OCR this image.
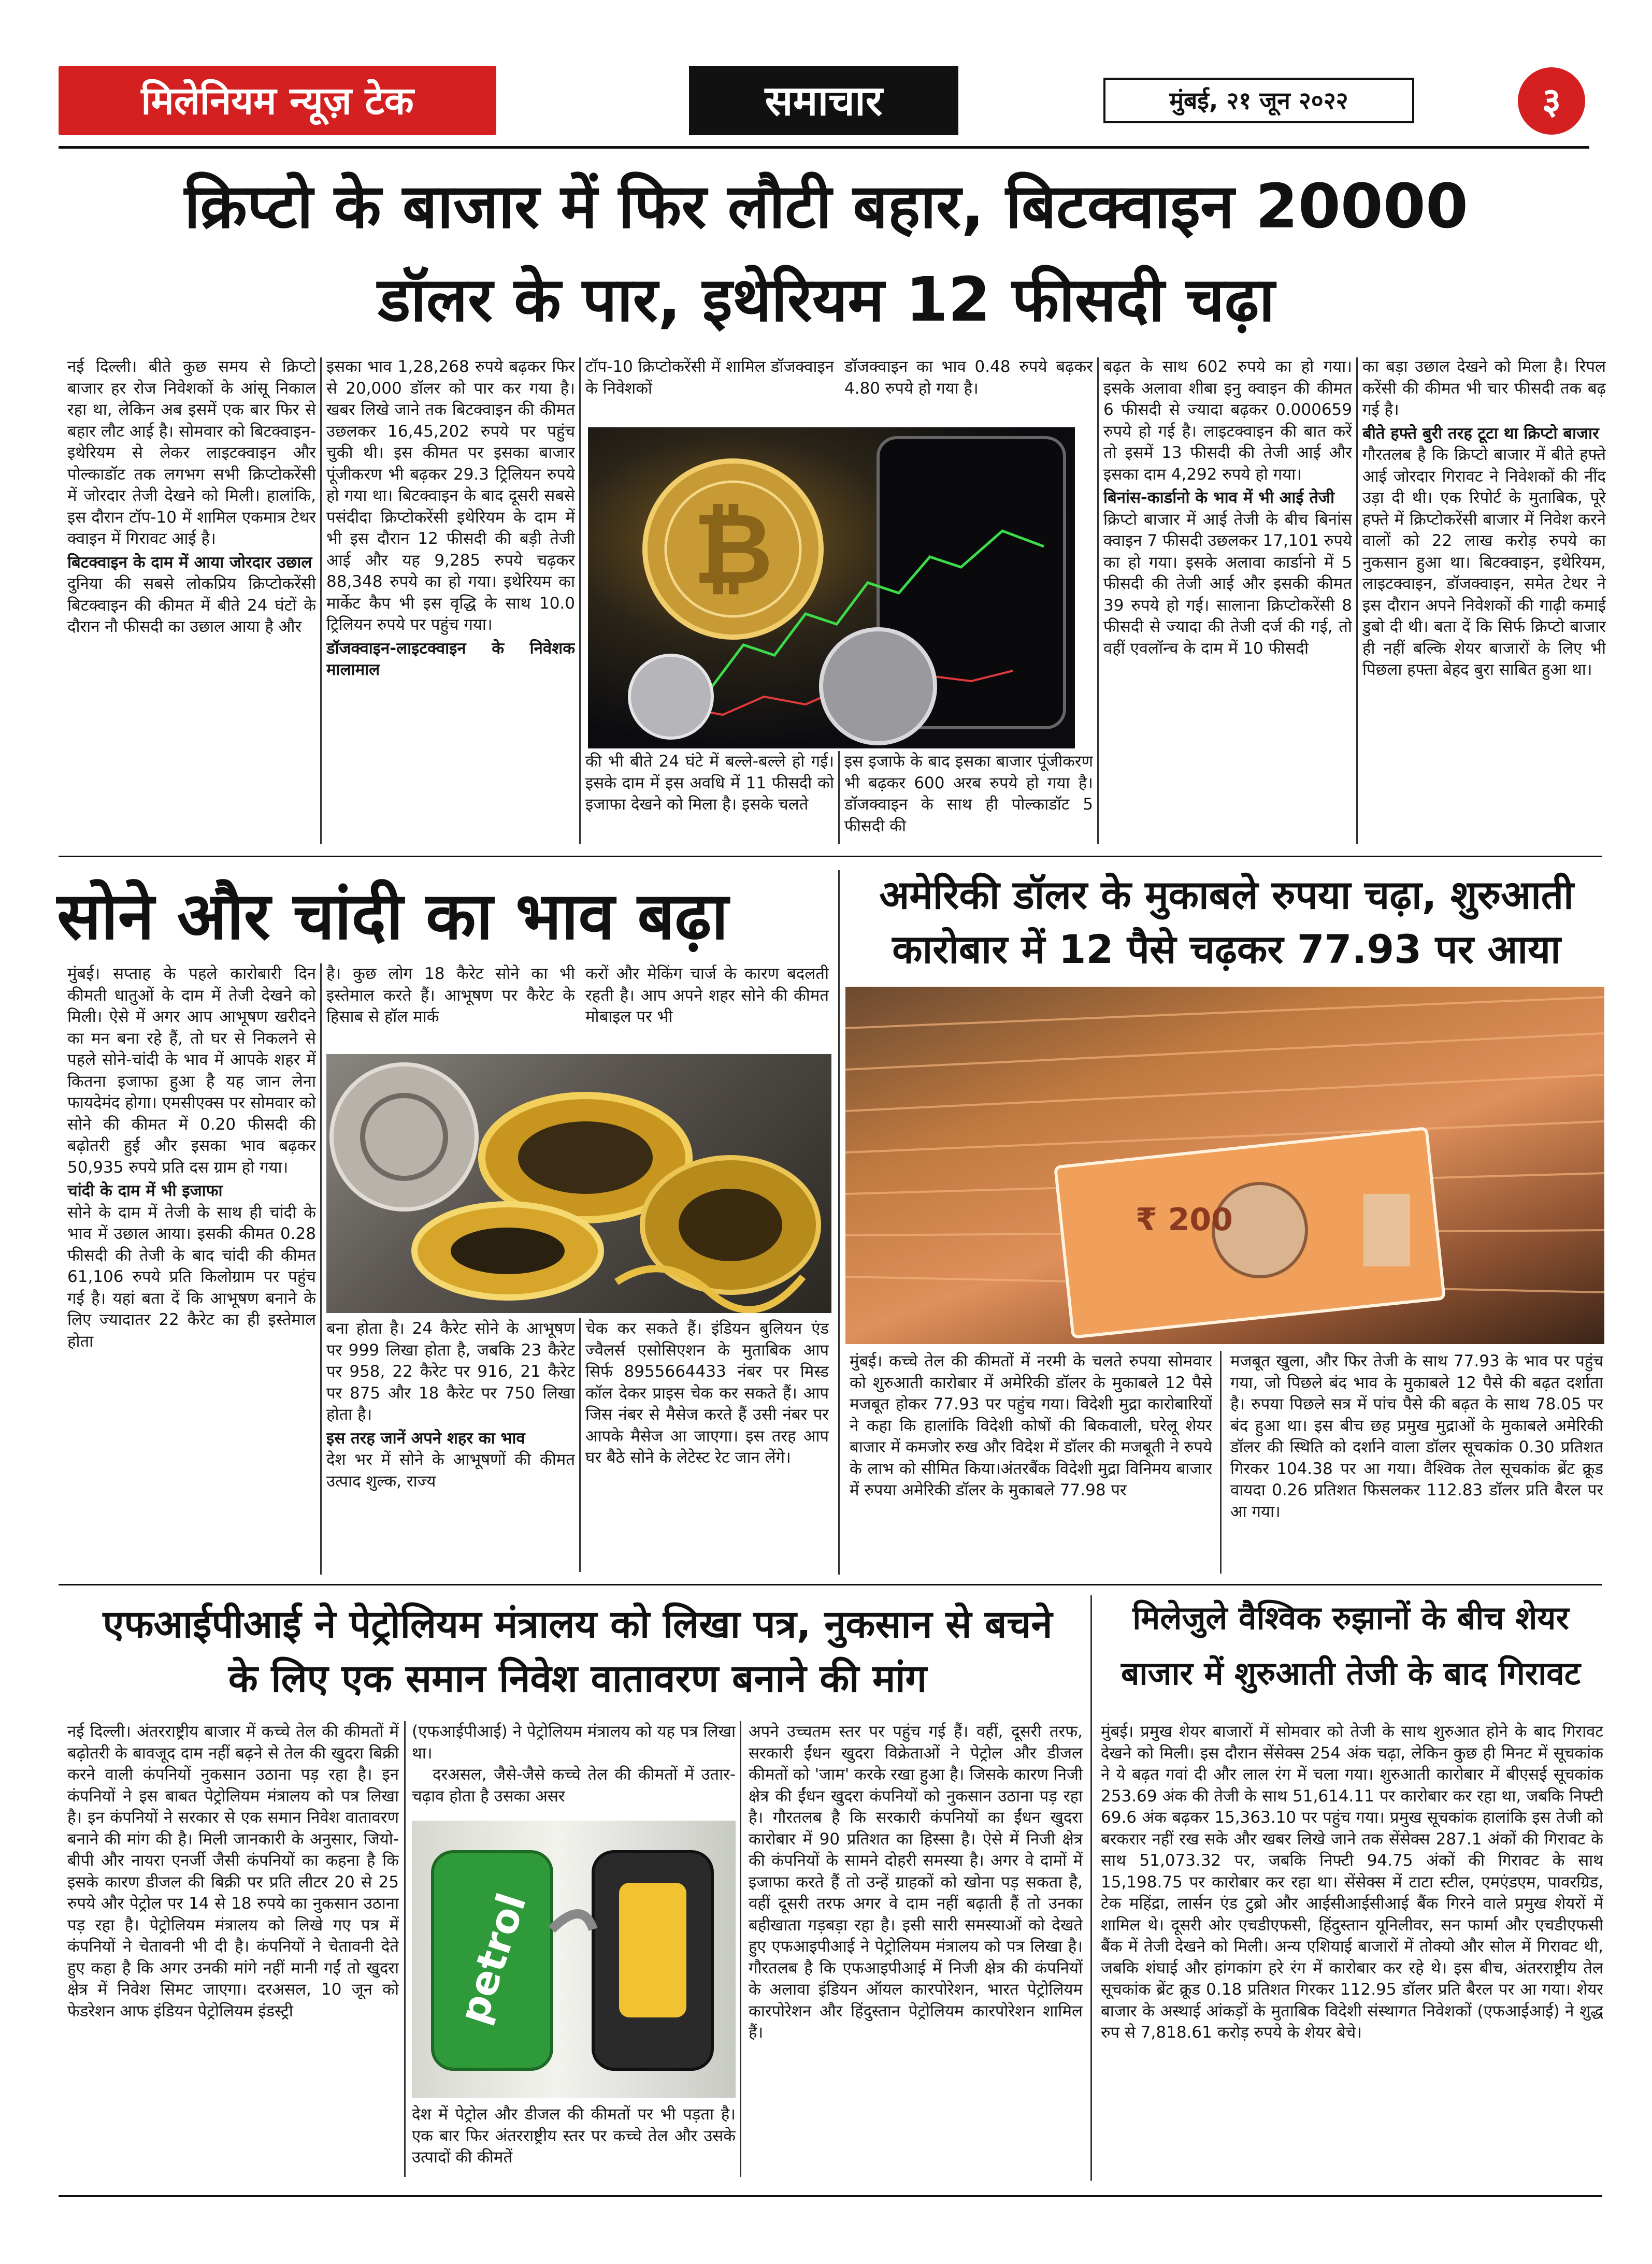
मिलेनियम न्यूज़ टेक	समाचार	मुंबई, २१ जून २०२२	३
क्रिप्टो के बाजार में फिर लौटी बहार, बिटक्वाइन 20000
डॉलर के पार, इथेरियम 12 फीसदी चढ़ा

नई दिल्ली। बीते कुछ समय से क्रिप्टो बाजार हर रोज निवेशकों के आंसू निकाल रहा था, लेकिन अब इसमें एक बार फिर से बहार लौट आई है। सोमवार को बिटक्वाइन-इथेरियम से लेकर लाइटक्वाइन और पोल्काडॉट तक लगभग सभी क्रिप्टोकरेंसी में जोरदार तेजी देखने को मिली। हालांकि, इस दौरान टॉप-10 में शामिल एकमात्र टेथर क्वाइन में गिरावट आई है।

बिटक्वाइन के दाम में आया जोरदार उछाल

दुनिया की सबसे लोकप्रिय क्रिप्टोकरेंसी बिटक्वाइन की कीमत में बीते 24 घंटों के दौरान नौ फीसदी का उछाल आया है और

इसका भाव 1,28,268 रुपये बढ़कर फिर से 20,000 डॉलर को पार कर गया है। खबर लिखे जाने तक बिटक्वाइन की कीमत उछलकर 16,45,202 रुपये पर पहुंच चुकी थी। इस कीमत पर इसका बाजार पूंजीकरण भी बढ़कर 29.3 ट्रिलियन रुपये हो गया था। बिटक्वाइन के बाद दूसरी सबसे पसंदीदा क्रिप्टोकरेंसी इथेरियम के दाम में भी इस दौरान 12 फीसदी की बड़ी तेजी आई और यह 9,285 रुपये चढ़कर 88,348 रुपये का हो गया। इथेरियम का मार्केट कैप भी इस वृद्धि के साथ 10.0 ट्रिलियन रुपये पर पहुंच गया।

डॉजक्वाइन-लाइटक्वाइन के निवेशक मालामाल

टॉप-10 क्रिप्टोकरेंसी में शामिल डॉजक्वाइन के निवेशकों
डॉजक्वाइन का भाव 0.48 रुपये बढ़कर 4.80 रुपये हो गया है।
₿
की भी बीते 24 घंटे में बल्ले-बल्ले हो गई। इसके दाम में इस अवधि में 11 फीसदी को इजाफा देखने को मिला है। इसके चलते
इस इजाफे के बाद इसका बाजार पूंजीकरण भी बढ़कर 600 अरब रुपये हो गया है। डॉजक्वाइन के साथ ही पोल्काडॉट 5 फीसदी की

बढ़त के साथ 602 रुपये का हो गया। इसके अलावा शीबा इनु क्वाइन की कीमत 6 फीसदी से ज्यादा बढ़कर 0.000659 रुपये हो गई है। लाइटक्वाइन की बात करें तो इसमें 13 फीसदी की तेजी आई और इसका दाम 4,292 रुपये हो गया।

बिनांस-कार्डानो के भाव में भी आई तेजी

क्रिप्टो बाजार में आई तेजी के बीच बिनांस क्वाइन 7 फीसदी उछलकर 17,101 रुपये का हो गया। इसके अलावा कार्डानो में 5 फीसदी की तेजी आई और इसकी कीमत 39 रुपये हो गई। सालाना क्रिप्टोकरेंसी 8 फीसदी से ज्यादा की तेजी दर्ज की गई, तो वहीं एवलॉन्च के दाम में 10 फीसदी

का बड़ा उछाल देखने को मिला है। रिपल करेंसी की कीमत भी चार फीसदी तक बढ़ गई है।

बीते हफ्ते बुरी तरह टूटा था क्रिप्टो बाजार

गौरतलब है कि क्रिप्टो बाजार में बीते हफ्ते आई जोरदार गिरावट ने निवेशकों की नींद उड़ा दी थी। एक रिपोर्ट के मुताबिक, पूरे हफ्ते में क्रिप्टोकरेंसी बाजार में निवेश करने वालों को 22 लाख करोड़ रुपये का नुकसान हुआ था। बिटक्वाइन, इथेरियम, लाइटक्वाइन, डॉजक्वाइन, समेत टेथर ने इस दौरान अपने निवेशकों की गाढ़ी कमाई डुबो दी थी। बता दें कि सिर्फ क्रिप्टो बाजार ही नहीं बल्कि शेयर बाजारों के लिए भी पिछला हफ्ता बेहद बुरा साबित हुआ था।

सोने और चांदी का भाव बढ़ा

मुंबई। सप्ताह के पहले कारोबारी दिन कीमती धातुओं के दाम में तेजी देखने को मिली। ऐसे में अगर आप आभूषण खरीदने का मन बना रहे हैं, तो घर से निकलने से पहले सोने-चांदी के भाव में आपके शहर में कितना इजाफा हुआ है यह जान लेना फायदेमंद होगा। एमसीएक्स पर सोमवार को सोने की कीमत में 0.20 फीसदी की बढ़ोतरी हुई और इसका भाव बढ़कर 50,935 रुपये प्रति दस ग्राम हो गया।

चांदी के दाम में भी इजाफा

सोने के दाम में तेजी के साथ ही चांदी के भाव में उछाल आया। इसकी कीमत 0.28 फीसदी की तेजी के बाद चांदी की कीमत 61,106 रुपये प्रति किलोग्राम पर पहुंच गई है। यहां बता दें कि आभूषण बनाने के लिए ज्यादातर 22 कैरेट का ही इस्तेमाल होता

है। कुछ लोग 18 कैरेट सोने का भी इस्तेमाल करते हैं। आभूषण पर कैरेट के हिसाब से हॉल मार्क
करों और मेकिंग चार्ज के कारण बदलती रहती है। आप अपने शहर सोने की कीमत मोबाइल पर भी

बना होता है। 24 कैरेट सोने के आभूषण पर 999 लिखा होता है, जबकि 23 कैरेट पर 958, 22 कैरेट पर 916, 21 कैरेट पर 875 और 18 कैरेट पर 750 लिखा होता है।

इस तरह जानें अपने शहर का भाव

देश भर में सोने के आभूषणों की कीमत उत्पाद शुल्क, राज्य

चेक कर सकते हैं। इंडियन बुलियन एंड ज्वैलर्स एसोसिएशन के मुताबिक आप सिर्फ 8955664433 नंबर पर मिस्ड कॉल देकर प्राइस चेक कर सकते हैं। आप जिस नंबर से मैसेज करते हैं उसी नंबर पर आपके मैसेज आ जाएगा। इस तरह आप घर बैठे सोने के लेटेस्ट रेट जान लेंगे।
अमेरिकी डॉलर के मुकाबले रुपया चढ़ा, शुरुआती
कारोबार में 12 पैसे चढ़कर 77.93 पर आया
₹ 200
मुंबई। कच्चे तेल की कीमतों में नरमी के चलते रुपया सोमवार को शुरुआती कारोबार में अमेरिकी डॉलर के मुकाबले 12 पैसे मजबूत होकर 77.93 पर पहुंच गया। विदेशी मुद्रा कारोबारियों ने कहा कि हालांकि विदेशी कोषों की बिकवाली, घरेलू शेयर बाजार में कमजोर रुख और विदेश में डॉलर की मजबूती ने रुपये के लाभ को सीमित किया।अंतरबैंक विदेशी मुद्रा विनिमय बाजार में रुपया अमेरिकी डॉलर के मुकाबले 77.98 पर
मजबूत खुला, और फिर तेजी के साथ 77.93 के भाव पर पहुंच गया, जो पिछले बंद भाव के मुकाबले 12 पैसे की बढ़त दर्शाता है। रुपया पिछले सत्र में पांच पैसे की बढ़त के साथ 78.05 पर बंद हुआ था। इस बीच छह प्रमुख मुद्राओं के मुकाबले अमेरिकी डॉलर की स्थिति को दर्शाने वाला डॉलर सूचकांक 0.30 प्रतिशत गिरकर 104.38 पर आ गया। वैश्विक तेल सूचकांक ब्रेंट क्रूड वायदा 0.26 प्रतिशत फिसलकर 112.83 डॉलर प्रति बैरल पर आ गया।
एफआईपीआई ने पेट्रोलियम मंत्रालय को लिखा पत्र, नुकसान से बचने
के लिए एक समान निवेश वातावरण बनाने की मांग
नई दिल्ली। अंतरराष्ट्रीय बाजार में कच्चे तेल की कीमतों में बढ़ोतरी के बावजूद दाम नहीं बढ़ने से तेल की खुदरा बिक्री करने वाली कंपनियों नुकसान उठाना पड़ रहा है। इन कंपनियों ने इस बाबत पेट्रोलियम मंत्रालय को पत्र लिखा है। इन कंपनियों ने सरकार से एक समान निवेश वातावरण बनाने की मांग की है। मिली जानकारी के अनुसार, जियो-बीपी और नायरा एनर्जी जैसी कंपनियों का कहना है कि इसके कारण डीजल की बिक्री पर प्रति लीटर 20 से 25 रुपये और पेट्रोल पर 14 से 18 रुपये का नुकसान उठाना पड़ रहा है। पेट्रोलियम मंत्रालय को लिखे गए पत्र में कंपनियों ने चेतावनी भी दी है। कंपनियों ने चेतावनी देते हुए कहा है कि अगर उनकी मांगे नहीं मानी गईं तो खुदरा क्षेत्र में निवेश सिमट जाएगा। दरअसल, 10 जून को फेडरेशन आफ इंडियन पेट्रोलियम इंडस्ट्री

(एफआईपीआई) ने पेट्रोलियम मंत्रालय को यह पत्र लिखा था।

दरअसल, जैसे-जैसे कच्चे तेल की कीमतों में उतार-चढ़ाव होता है उसका असर

petrol
देश में पेट्रोल और डीजल की कीमतों पर भी पड़ता है। एक बार फिर अंतरराष्ट्रीय स्तर पर कच्चे तेल और उसके उत्पादों की कीमतें
अपने उच्चतम स्तर पर पहुंच गई हैं। वहीं, दूसरी तरफ, सरकारी ईंधन खुदरा विक्रेताओं ने पेट्रोल और डीजल कीमतों को 'जाम' करके रखा हुआ है। जिसके कारण निजी क्षेत्र की ईंधन खुदरा कंपनियों को नुकसान उठाना पड़ रहा है। गौरतलब है कि सरकारी कंपनियों का ईंधन खुदरा कारोबार में 90 प्रतिशत का हिस्सा है। ऐसे में निजी क्षेत्र की कंपनियों के सामने दोहरी समस्या है। अगर वे दामों में इजाफा करते हैं तो उन्हें ग्राहकों को खोना पड़ सकता है, वहीं दूसरी तरफ अगर वे दाम नहीं बढ़ाती हैं तो उनका बहीखाता गड़बड़ा रहा है। इसी सारी समस्याओं को देखते हुए एफआइपीआई ने पेट्रोलियम मंत्रालय को पत्र लिखा है। गौरतलब है कि एफआइपीआई में निजी क्षेत्र की कंपनियों के अलावा इंडियन ऑयल कारपोरेशन, भारत पेट्रोलियम कारपोरेशन और हिंदुस्तान पेट्रोलियम कारपोरेशन शामिल हैं।
मिलेजुले वैश्विक रुझानों के बीच शेयर
बाजार में शुरुआती तेजी के बाद गिरावट
मुंबई। प्रमुख शेयर बाजारों में सोमवार को तेजी के साथ शुरुआत होने के बाद गिरावट देखने को मिली। इस दौरान सेंसेक्स 254 अंक चढ़ा, लेकिन कुछ ही मिनट में सूचकांक ने ये बढ़त गवां दी और लाल रंग में चला गया। शुरुआती कारोबार में बीएसई सूचकांक 253.69 अंक की तेजी के साथ 51,614.11 पर कारोबार कर रहा था, जबकि निफ्टी 69.6 अंक बढ़कर 15,363.10 पर पहुंच गया। प्रमुख सूचकांक हालांकि इस तेजी को बरकरार नहीं रख सके और खबर लिखे जाने तक सेंसेक्स 287.1 अंकों की गिरावट के साथ 51,073.32 पर, जबकि निफ्टी 94.75 अंकों की गिरावट के साथ 15,198.75 पर कारोबार कर रहा था। सेंसेक्स में टाटा स्टील, एमएंडएम, पावरग्रिड, टेक महिंद्रा, लार्सन एंड टुब्रो और आईसीआईसीआई बैंक गिरने वाले प्रमुख शेयरों में शामिल थे। दूसरी ओर एचडीएफसी, हिंदुस्तान यूनिलीवर, सन फार्मा और एचडीएफसी बैंक में तेजी देखने को मिली। अन्य एशियाई बाजारों में तोक्यो और सोल में गिरावट थी, जबकि शंघाई और हांगकांग हरे रंग में कारोबार कर रहे थे। इस बीच, अंतरराष्ट्रीय तेल सूचकांक ब्रेंट क्रूड 0.18 प्रतिशत गिरकर 112.95 डॉलर प्रति बैरल पर आ गया। शेयर बाजार के अस्थाई आंकड़ों के मुताबिक विदेशी संस्थागत निवेशकों (एफआईआई) ने शुद्ध रुप से 7,818.61 करोड़ रुपये के शेयर बेचे।
